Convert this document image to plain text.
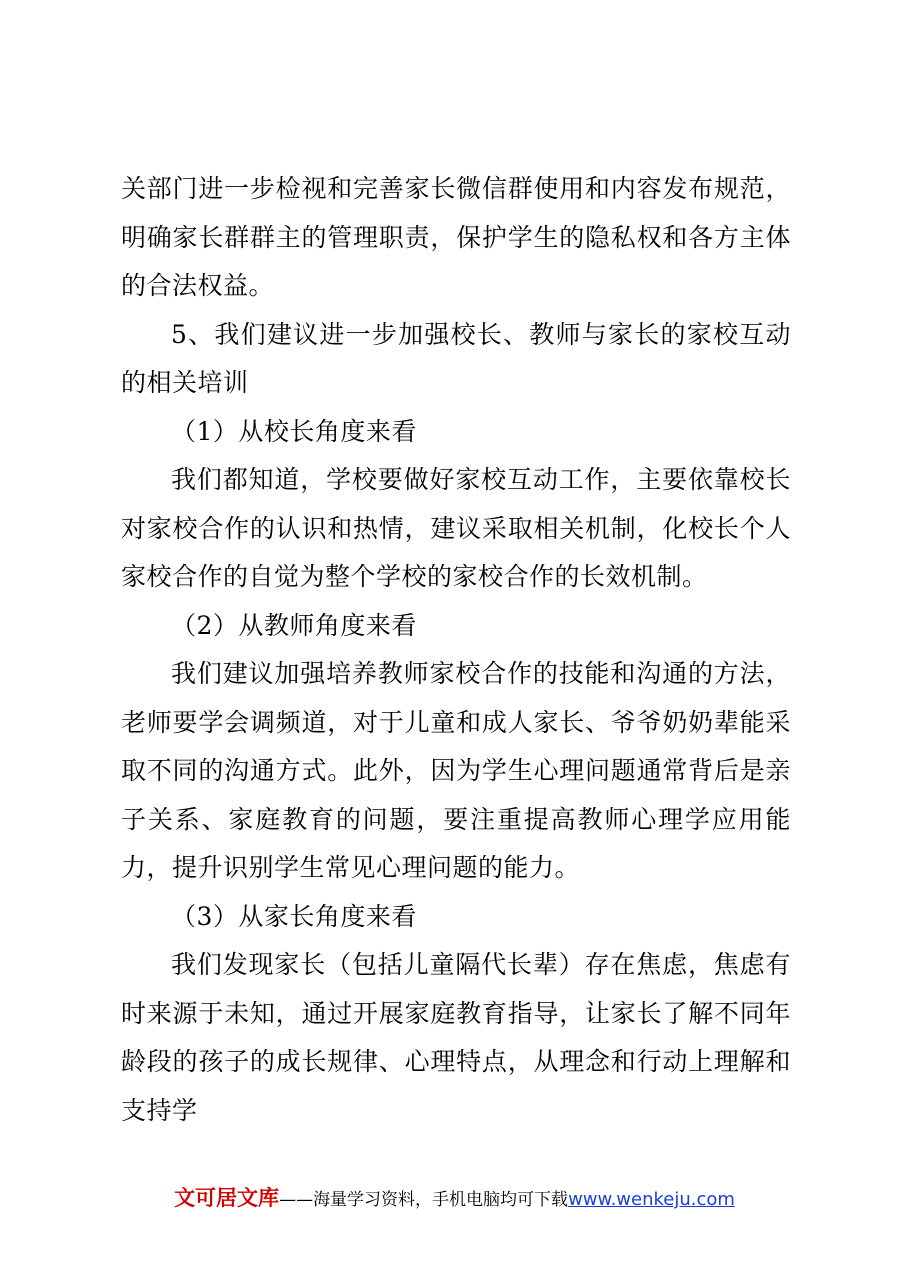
关部门进一步检视和完善家长微信群使用和内容发布规范，明确家长群群主的管理职责，保护学生的隐私权和各方主体的合法权益。

5、我们建议进一步加强校长、教师与家长的家校互动的相关培训

（1）从校长角度来看

我们都知道，学校要做好家校互动工作，主要依靠校长对家校合作的认识和热情，建议采取相关机制，化校长个人家校合作的自觉为整个学校的家校合作的长效机制。

（2）从教师角度来看

我们建议加强培养教师家校合作的技能和沟通的方法，老师要学会调频道，对于儿童和成人家长、爷爷奶奶辈能采取不同的沟通方式。此外，因为学生心理问题通常背后是亲子关系、家庭教育的问题，要注重提高教师心理学应用能力，提升识别学生常见心理问题的能力。

（3）从家长角度来看

我们发现家长（包括儿童隔代长辈）存在焦虑，焦虑有时来源于未知，通过开展家庭教育指导，让家长了解不同年龄段的孩子的成长规律、心理特点，从理念和行动上理解和支持学

文可居文库——海量学习资料，手机电脑均可下载www.wenkeju.com
